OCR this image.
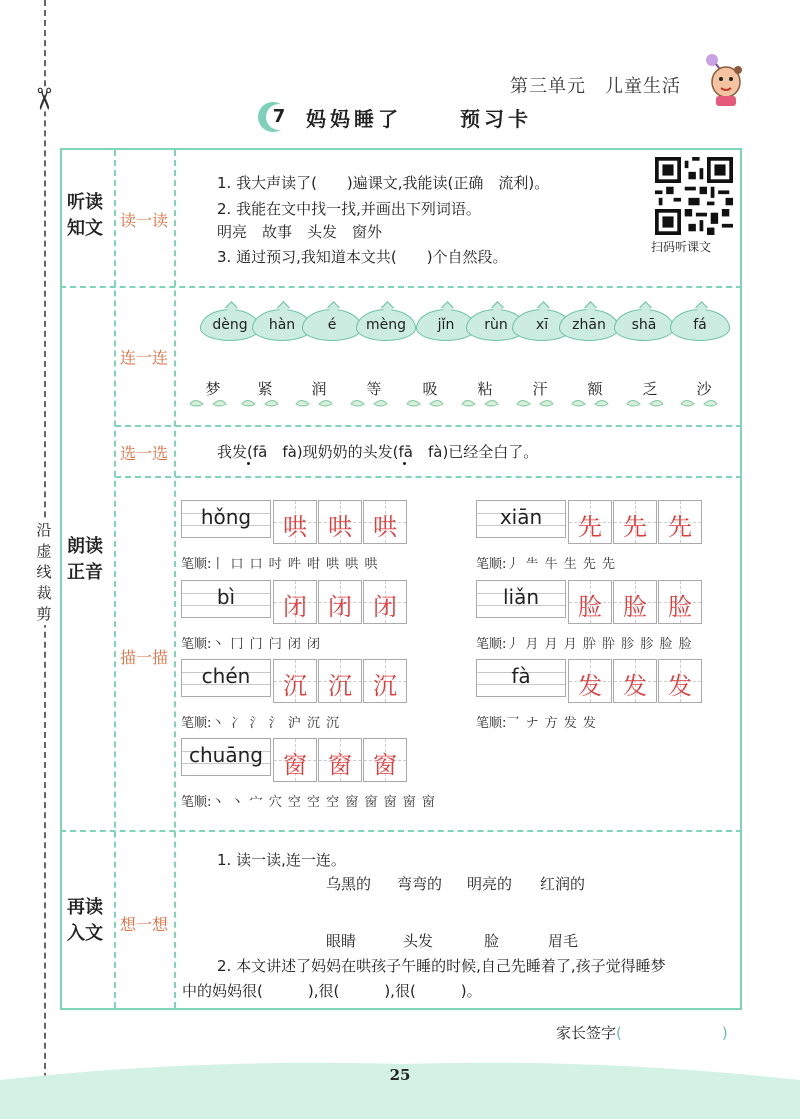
✂
沿虚线裁剪
第三单元　儿童生活
7	妈妈睡了	预习卡
听读
知文	读一读
朗读
正音
连一连
选一选
描一描
再读
入文	想一想
1. 我大声读了(　　)遍课文,我能读(正确　流利)。
2. 我能在文中找一找,并画出下列词语。
明亮　故事　头发　窗外
3. 通过预习,我知道本文共(　　)个自然段。
扫码听课文
dèng	hàn	é	mèng	jǐn	rùn	xī	zhān	shā	fá
梦	紧	润	等	吸	粘	汗	额	乏	沙
我发(fā　fà)现奶奶的头发(fā　fà)已经全白了。
hǒng	哄 哄 哄
笔顺:丨 口 口 吋 吽 咁 哄 哄 哄
xiān	先 先 先
笔顺:丿 ⺧ 牛 生 先 先
bì	闭 闭 闭
笔顺:丶 冂 门 闩 闭 闭
liǎn	脸 脸 脸
笔顺:丿 月 月 月 肸 肸 胗 胗 脸 脸
chén	沉 沉 沉
笔顺:丶 冫 氵 氵 沪 沉 沉
fà	发 发 发
笔顺:乛 ナ 方 发 发
chuāng 窗 窗 窗
笔顺:丶 丶 宀 穴 空 空 空 窗 窗 窗 窗 窗
1. 读一读,连一连。
乌黑的 弯弯的 明亮的 红润的
眼睛	头发	脸	眉毛
2. 本文讲述了妈妈在哄孩子午睡的时候,自己先睡着了,孩子觉得睡梦
中的妈妈很(　　　),很(　　　),很(　　　)。
家长签字(	)
25
